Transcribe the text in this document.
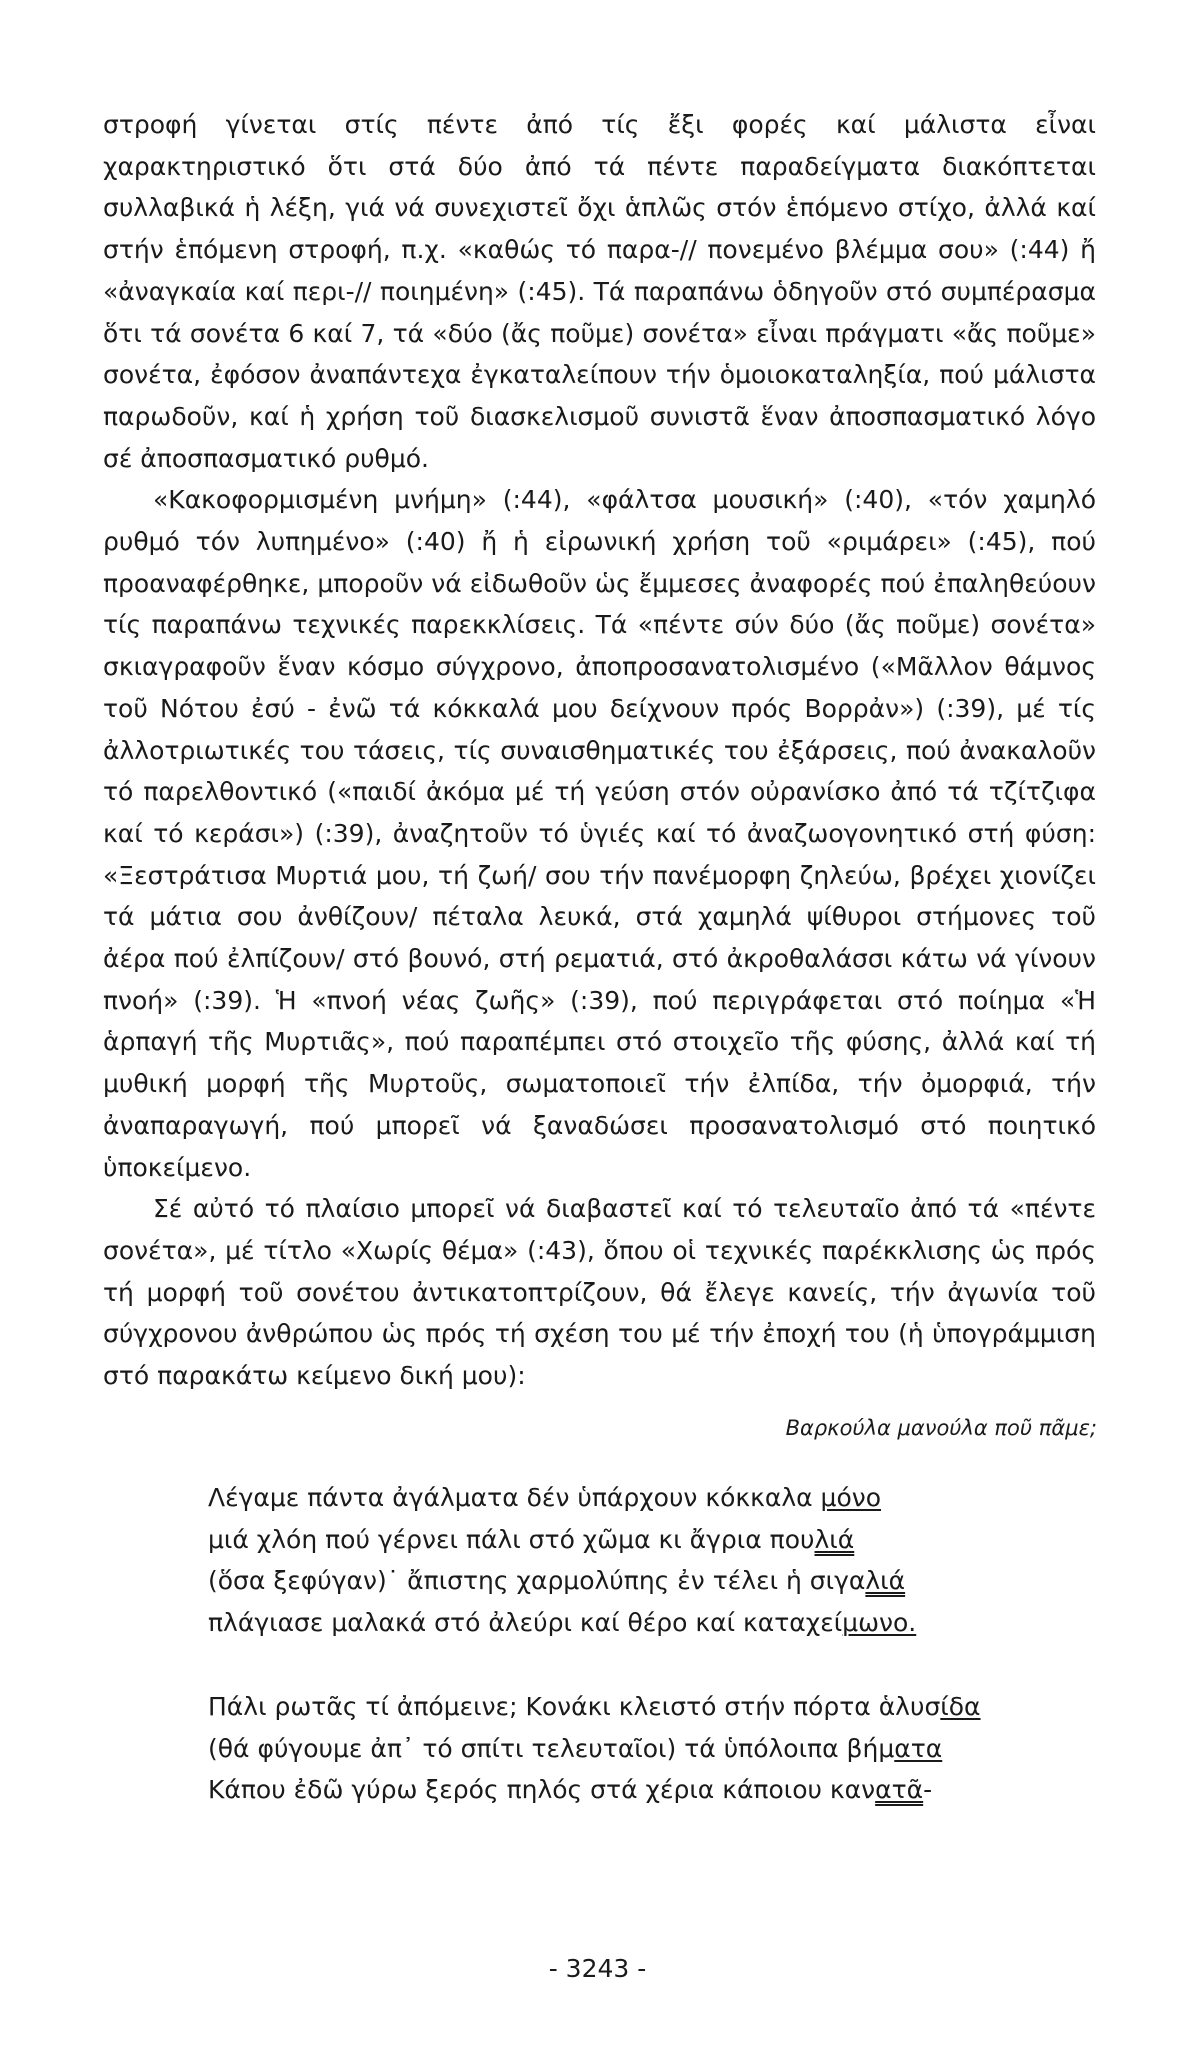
στροφή γίνεται στίς πέντε ἀπό τίς ἔξι φορές καί μάλιστα εἶναι χαρακτηριστικό ὅτι στά δύο ἀπό τά πέντε παραδείγματα διακόπτεται συλλαβικά ἡ λέξη, γιά νά συνεχιστεῖ ὄχι ἁπλῶς στόν ἑπόμενο στίχο, ἀλλά καί στήν ἑπόμενη στροφή, π.χ. «καθώς τό παρα-// πονεμένο βλέμμα σου» (:44) ἤ «ἀναγκαία καί περι-// ποιημένη» (:45). Τά παραπάνω ὁδηγοῦν στό συμπέρασμα ὅτι τά σονέτα 6 καί 7, τά «δύο (ἄς ποῦμε) σονέτα» εἶναι πράγματι «ἄς ποῦμε» σονέτα, ἐφόσον ἀναπάντεχα ἐγκαταλείπουν τήν ὁμοιοκαταληξία, πού μάλιστα παρωδοῦν, καί ἡ χρήση τοῦ διασκελισμοῦ συνιστᾶ ἕναν ἀποσπασματικό λόγο σέ ἀποσπασματικό ρυθμό.

«Κακοφορμισμένη μνήμη» (:44), «φάλτσα μουσική» (:40), «τόν χαμηλό ρυθμό τόν λυπημένο» (:40) ἤ ἡ εἰρωνική χρήση τοῦ «ριμάρει» (:45), πού προαναφέρθηκε, μποροῦν νά εἰδωθοῦν ὡς ἔμμεσες ἀναφορές πού ἐπαληθεύουν τίς παραπάνω τεχνικές παρεκκλίσεις. Τά «πέντε σύν δύο (ἄς ποῦμε) σονέτα» σκιαγραφοῦν ἕναν κόσμο σύγχρονο, ἀποπροσανατολισμένο («Μᾶλλον θάμνος τοῦ Νότου ἐσύ - ἐνῶ τά κόκκαλά μου δείχνουν πρός Βορρἀν») (:39), μέ τίς ἀλλοτριωτικές του τάσεις, τίς συναισθηματικές του ἐξάρσεις, πού ἀνακαλοῦν τό παρελθοντικό («παιδί ἀκόμα μέ τή γεύση στόν οὐρανίσκο ἀπό τά τζίτζιφα καί τό κεράσι») (:39), ἀναζητοῦν τό ὑγιές καί τό ἀναζωογονητικό στή φύση: «Ξεστράτισα Μυρτιά μου, τή ζωή/ σου τήν πανέμορφη ζηλεύω, βρέχει χιονίζει τά μάτια σου ἀνθίζουν/ πέταλα λευκά, στά χαμηλά ψίθυροι στήμονες τοῦ ἀέρα πού ἐλπίζουν/ στό βουνό, στή ρεματιά, στό ἀκροθαλάσσι κάτω νά γίνουν πνοή» (:39). Ἡ «πνοή νέας ζωῆς» (:39), πού περιγράφεται στό ποίημα «Ἡ ἁρπαγή τῆς Μυρτιᾶς», πού παραπέμπει στό στοιχεῖο τῆς φύσης, ἀλλά καί τή μυθική μορφή τῆς Μυρτοῦς, σωματοποιεῖ τήν ἐλπίδα, τήν ὀμορφιά, τήν ἀναπαραγωγή, πού μπορεῖ νά ξαναδώσει προσανατολισμό στό ποιητικό ὑποκείμενο.

Σέ αὐτό τό πλαίσιο μπορεῖ νά διαβαστεῖ καί τό τελευταῖο ἀπό τά «πέντε σονέτα», μέ τίτλο «Χωρίς θέμα» (:43), ὅπου οἱ τεχνικές παρέκκλισης ὡς πρός τή μορφή τοῦ σονέτου ἀντικατοπτρίζουν, θά ἔλεγε κανείς, τήν ἀγωνία τοῦ σύγχρονου ἀνθρώπου ὡς πρός τή σχέση του μέ τήν ἐποχή του (ἡ ὑπογράμμιση στό παρακάτω κείμενο δική μου):

Βαρκούλα μανούλα ποῦ πᾶμε;
Λέγαμε πάντα ἀγάλματα δέν ὑπάρχουν κόκκαλα μόνο
μιά χλόη πού γέρνει πάλι στό χῶμα κι ἄγρια πουλιά
(ὅσα ξεφύγαν)˙ ἄπιστης χαρμολύπης ἐν τέλει ἡ σιγαλιά
πλάγιασε μαλακά στό ἀλεύρι καί θέρο καί καταχείμωνο.
Πάλι ρωτᾶς τί ἀπόμεινε; Κονάκι κλειστό στήν πόρτα ἁλυσίδα
(θά φύγουμε ἀπ᾽ τό σπίτι τελευταῖοι) τά ὑπόλοιπα βήματα
Κάπου ἐδῶ γύρω ξερός πηλός στά χέρια κάποιου κανατᾶ-
- 3243 -
